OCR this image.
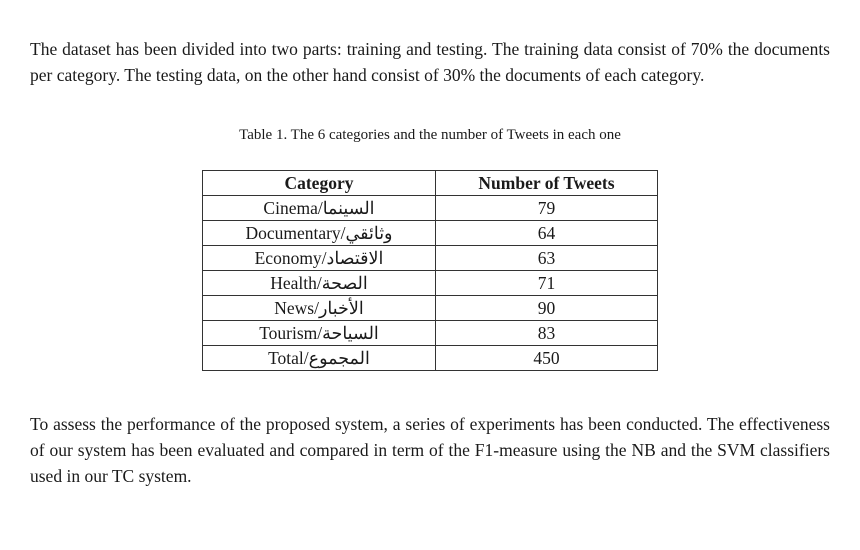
The dataset has been divided into two parts: training and testing. The training data consist of 70% the documents per category. The testing data, on the other hand consist of 30% the documents of each category.

Table 1. The 6 categories and the number of Tweets in each one

Category	Number of Tweets
Cinema/السينما	79
Documentary/وثائقي	64
Economy/الاقتصاد	63
Health/الصحة	71
News/الأخبار	90
Tourism/السياحة	83
Total/المجموع	450

To assess the performance of the proposed system, a series of experiments has been conducted. The effectiveness of our system has been evaluated and compared in term of the F1-measure using the NB and the SVM classifiers used in our TC system.
